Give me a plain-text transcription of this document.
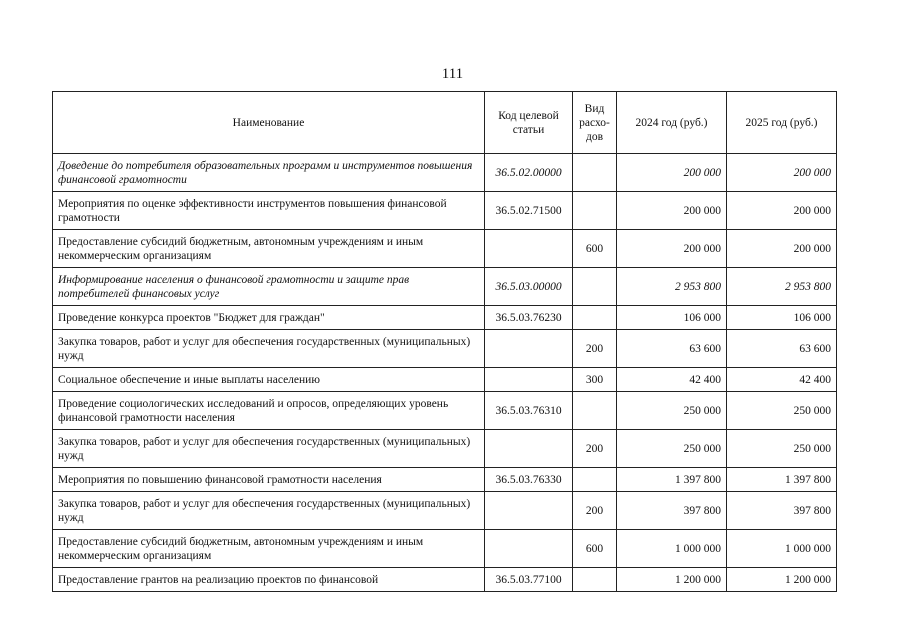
111
Наименование	Код целевой статьи	Вид расхо-дов	2024 год (руб.)	2025 год (руб.)
Доведение до потребителя образовательных программ и инструментов повышения финансовой грамотности	36.5.02.00000		200 000	200 000
Мероприятия по оценке эффективности инструментов повышения финансовой грамотности	36.5.02.71500		200 000	200 000
Предоставление субсидий бюджетным, автономным учреждениям и иным некоммерческим организациям		600	200 000	200 000
Информирование населения о финансовой грамотности и защите прав потребителей финансовых услуг	36.5.03.00000		2 953 800	2 953 800
Проведение конкурса проектов "Бюджет для граждан"	36.5.03.76230		106 000	106 000
Закупка товаров, работ и услуг для обеспечения государственных (муниципальных) нужд		200	63 600	63 600
Социальное обеспечение и иные выплаты населению		300	42 400	42 400
Проведение социологических исследований и опросов, определяющих уровень финансовой грамотности населения	36.5.03.76310		250 000	250 000
Закупка товаров, работ и услуг для обеспечения государственных (муниципальных) нужд		200	250 000	250 000
Мероприятия по повышению финансовой грамотности населения	36.5.03.76330		1 397 800	1 397 800
Закупка товаров, работ и услуг для обеспечения государственных (муниципальных) нужд		200	397 800	397 800
Предоставление субсидий бюджетным, автономным учреждениям и иным некоммерческим организациям		600	1 000 000	1 000 000
Предоставление грантов на реализацию проектов по финансовой	36.5.03.77100		1 200 000	1 200 000
